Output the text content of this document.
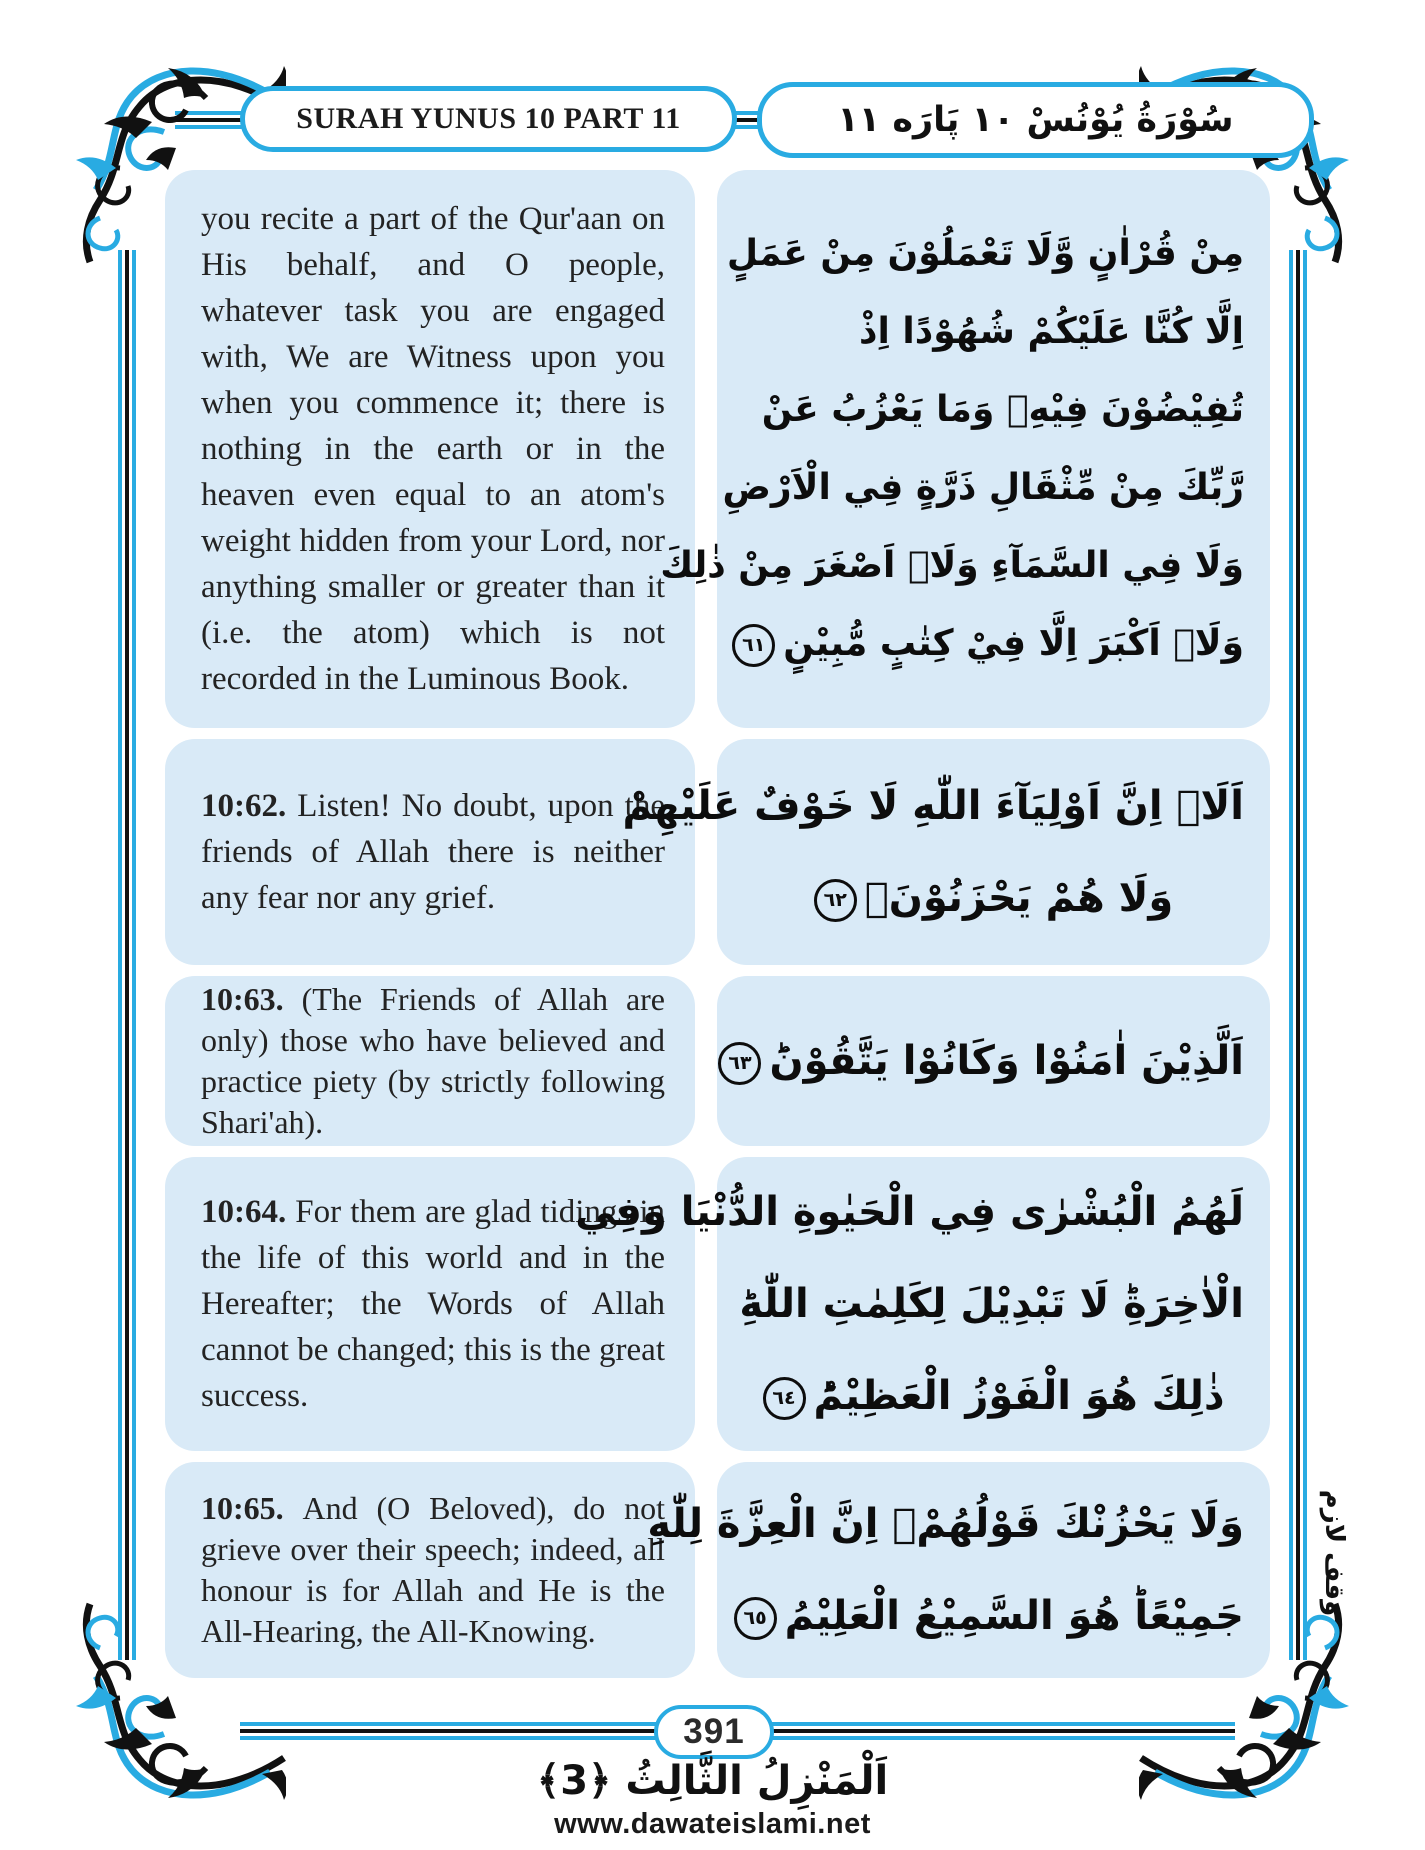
SURAH YUNUS 10 PART 11	سُوْرَةُ يُوْنُسْ ۱۰ پَارَه ۱۱

you recite a part of the Qur'aan on His behalf, and O people, whatever task you are engaged with, We are Witness upon you when you commence it; there is nothing in the earth or in the heaven even equal to an atom's weight hidden from your Lord, nor anything smaller or greater than it (i.e. the atom) which is not recorded in the Luminous Book.

مِنْ قُرْاٰنٍ وَّلَا تَعْمَلُوْنَ مِنْ عَمَلٍ
اِلَّا كُنَّا عَلَيْكُمْ شُهُوْدًا اِذْ
تُفِيْضُوْنَ فِيْهِۚ وَمَا يَعْزُبُ عَنْ
رَّبِّكَ مِنْ مِّثْقَالِ ذَرَّةٍ فِي الْاَرْضِ
وَلَا فِي السَّمَآءِ وَلَاۤ اَصْغَرَ مِنْ ذٰلِكَ
وَلَاۤ اَكْبَرَ اِلَّا فِيْ كِتٰبٍ مُّبِيْنٍ٦١

10:62. Listen! No doubt, upon the friends of Allah there is neither any fear nor any grief.

اَلَاۤ اِنَّ اَوْلِيَآءَ اللّٰهِ لَا خَوْفٌ عَلَيْهِمْ
وَلَا هُمْ يَحْزَنُوْنَۚ٦٢

10:63. (The Friends of Allah are only) those who have believed and practice piety (by strictly following Shari'ah).

اَلَّذِيْنَ اٰمَنُوْا وَكَانُوْا يَتَّقُوْنَؕ٦٣

10:64. For them are glad tidings in the life of this world and in the Hereafter; the Words of Allah cannot be changed; this is the great success.

لَهُمُ الْبُشْرٰى فِي الْحَيٰوةِ الدُّنْيَا وَفِي
الْاٰخِرَةِؕ لَا تَبْدِيْلَ لِكَلِمٰتِ اللّٰهِؕ
ذٰلِكَ هُوَ الْفَوْزُ الْعَظِيْمُؕ٦٤

10:65. And (O Beloved), do not grieve over their speech; indeed, all honour is for Allah and He is the All-Hearing, the All-Knowing.

وَلَا يَحْزُنْكَ قَوْلُهُمْۘ اِنَّ الْعِزَّةَ لِلّٰهِ
جَمِيْعًاؕ هُوَ السَّمِيْعُ الْعَلِيْمُ٦٥
وقف لازم
391
اَلْمَنْزِلُ الثَّالِثُ ﴿3﴾
www.dawateislami.net
